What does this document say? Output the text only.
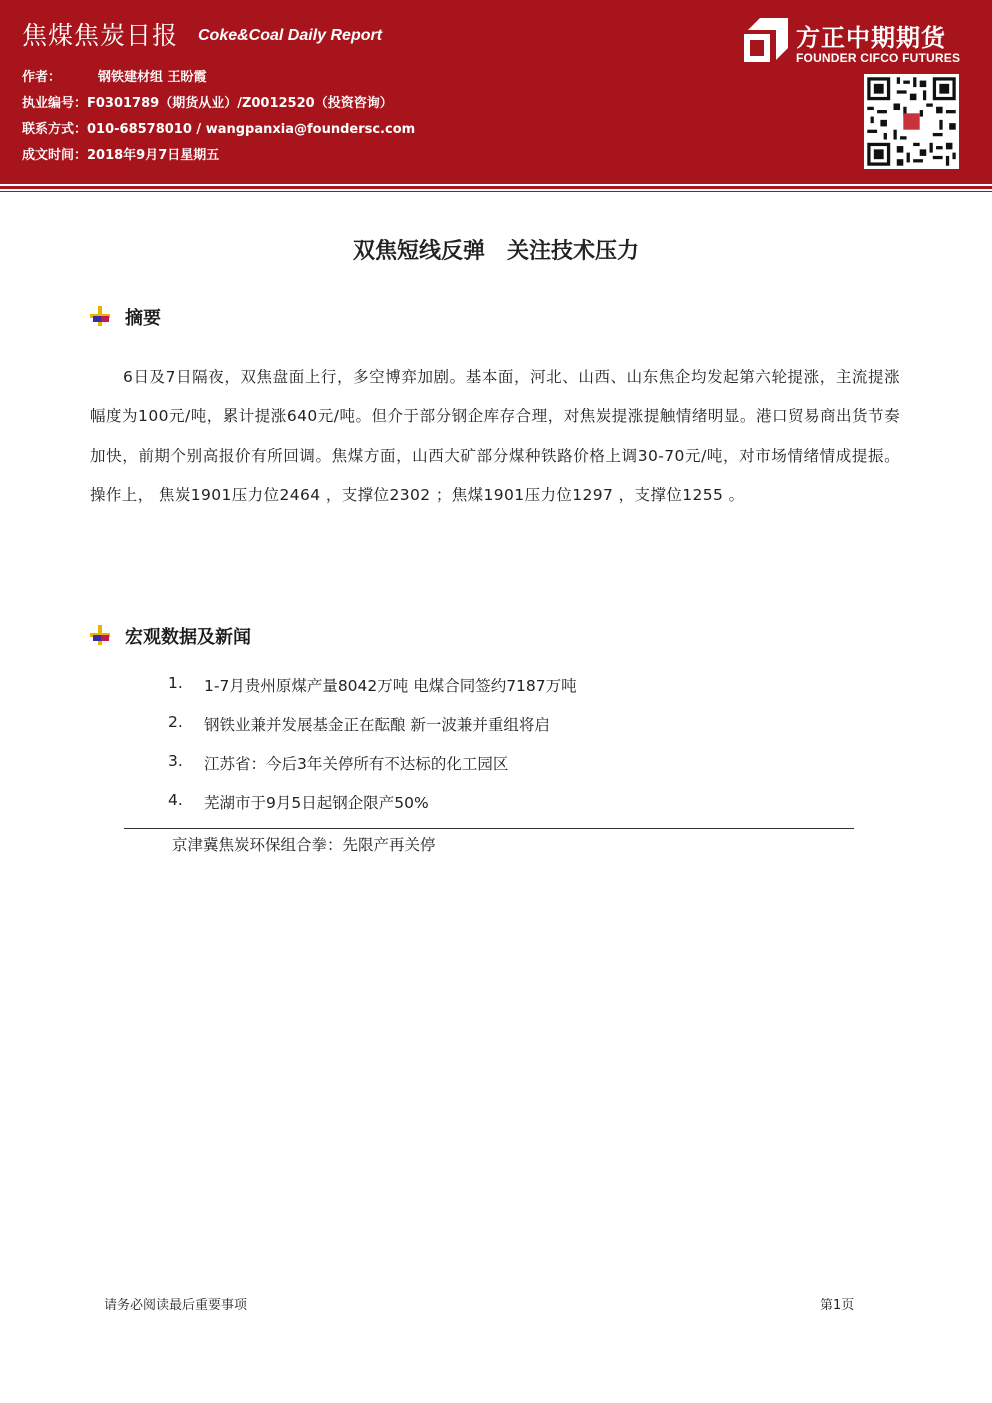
焦煤焦炭日报 Coke&Coal Daily Report
作者：	钢铁建材组 王盼霞
执业编号：F0301789（期货从业）/Z0012520（投资咨询）
联系方式：010-68578010 / wangpanxia@foundersc.com
成文时间：2018年9月7日星期五
方正中期期货
FOUNDER CIFCO FUTURES
双焦短线反弹　关注技术压力
摘要
6日及7日隔夜，双焦盘面上行，多空博弈加剧。基本面，河北、山西、山东焦企均发起第六轮提涨，主流提涨幅度为100元/吨，累计提涨640元/吨。但介于部分钢企库存合理，对焦炭提涨提触情绪明显。港口贸易商出货节奏加快，前期个别高报价有所回调。焦煤方面，山西大矿部分煤种铁路价格上调30-70元/吨，对市场情绪情成提振。操作上， 焦炭1901压力位2464 ，支撑位2302 ；焦煤1901压力位1297 ，支撑位1255 。
宏观数据及新闻
1. 1-7月贵州原煤产量8042万吨 电煤合同签约7187万吨
2. 钢铁业兼并发展基金正在酝酿 新一波兼并重组将启
3. 江苏省：今后3年关停所有不达标的化工园区
4. 芜湖市于9月5日起钢企限产50%
京津冀焦炭环保组合拳：先限产再关停
请务必阅读最后重要事项	第1页
